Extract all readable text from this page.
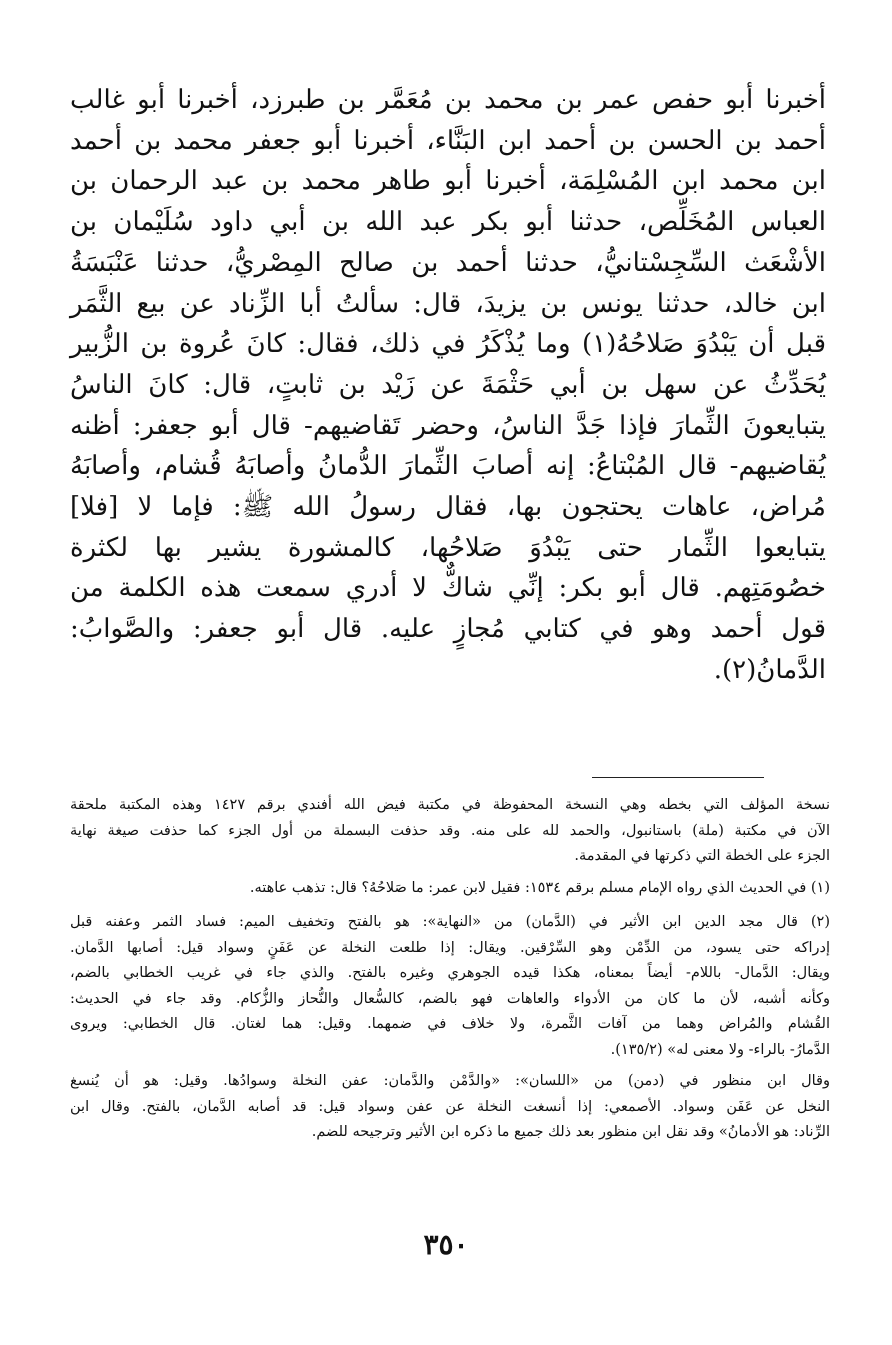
أخبرنا أبو حفص عمر بن محمد بن مُعَمَّر بن طبرزد، أخبرنا أبو غالب
أحمد بن الحسن بن أحمد ابن البَنَّاء، أخبرنا أبو جعفر محمد بن أحمد
ابن محمد ابن المُسْلِمَة، أخبرنا أبو طاهر محمد بن عبد الرحمان بن
العباس المُخَلِّص، حدثنا أبو بكر عبد الله بن أبي داود سُلَيْمان بن
الأشْعَث السِّجِسْتانيُّ، حدثنا أحمد بن صالح المِصْريُّ، حدثنا عَنْبَسَةُ
ابن خالد، حدثنا يونس بن يزيدَ، قال: سألتُ أبا الزِّناد عن بيع الثَّمَر
قبل أن يَبْدُوَ صَلاحُهُ(١) وما يُذْكَرُ في ذلك، فقال: كانَ عُروة بن الزُّبير
يُحَدِّثُ عن سهل بن أبي حَثْمَةَ عن زَيْد بن ثابتٍ، قال: كانَ الناسُ
يتبايعونَ الثِّمارَ فإذا جَدَّ الناسُ، وحضر تَقاضيهم- قال أبو جعفر: أظنه
يُقاضيهم- قال المُبْتاعُ: إنه أصابَ الثِّمارَ الدُّمانُ وأصابَهُ قُشام، وأصابَهُ
مُراض، عاهات يحتجون بها، فقال رسولُ الله ﷺ: فإما لا [فلا]
يتبايعوا الثِّمار حتى يَبْدُوَ صَلاحُها، كالمشورة يشير بها لكثرة
خصُومَتِهم. قال أبو بكر: إنِّي شاكٌّ لا أدري سمعت هذه الكلمة من
قول أحمد وهو في كتابي مُجازٍ عليه. قال أبو جعفر: والصَّوابُ:
الدَّمانُ(٢).

نسخة المؤلف التي بخطه وهي النسخة المحفوظة في مكتبة فيض الله أفندي برقم ١٤٢٧ وهذه المكتبة ملحقة
الآن في مكتبة (ملة) باستانبول، والحمد لله على منه. وقد حذفت البسملة من أول الجزء كما حذفت صيغة نهاية
الجزء على الخطة التي ذكرتها في المقدمة.

(١) في الحديث الذي رواه الإمام مسلم برقم ١٥٣٤: فقيل لابن عمر: ما صَلاحُهُ؟ قال: تذهب عاهته.

(٢) قال مجد الدين ابن الأثير في (الدَّمان) من «النهاية»: هو بالفتح وتخفيف الميم: فساد الثمر وعفنه قبل
إدراكه حتى يسود، من الدِّمْن وهو السِّرْقين. ويقال: إذا طلعت النخلة عن عَفَنٍ وسواد قيل: أصابها الدَّمان.
ويقال: الدَّمال- باللام- أيضاً بمعناه، هكذا قيده الجوهري وغيره بالفتح. والذي جاء في غريب الخطابي بالضم،
وكأنه أشبه، لأن ما كان من الأدواء والعاهات فهو بالضم، كالسُّعال والنُّحاز والزُّكام. وقد جاء في الحديث:
القُشام والمُراض وهما من آفات الثَّمرة، ولا خلاف في ضمهما. وقيل: هما لغتان. قال الخطابي: ويروى
الدَّمارُ- بالراء- ولا معنى له» (١٣٥/٢).

وقال ابن منظور في (دمن) من «اللسان»: «والدَّمْن والدَّمان: عفن النخلة وسوادُها. وقيل: هو أن يُنسغ
النخل عن عَفَن وسواد. الأصمعي: إذا أنسغت النخلة عن عفن وسواد قيل: قد أصابه الدَّمان، بالفتح. وقال ابن
الرِّناد: هو الأدمانُ» وقد نقل ابن منظور بعد ذلك جميع ما ذكره ابن الأثير وترجيحه للضم.

٣٥٠
